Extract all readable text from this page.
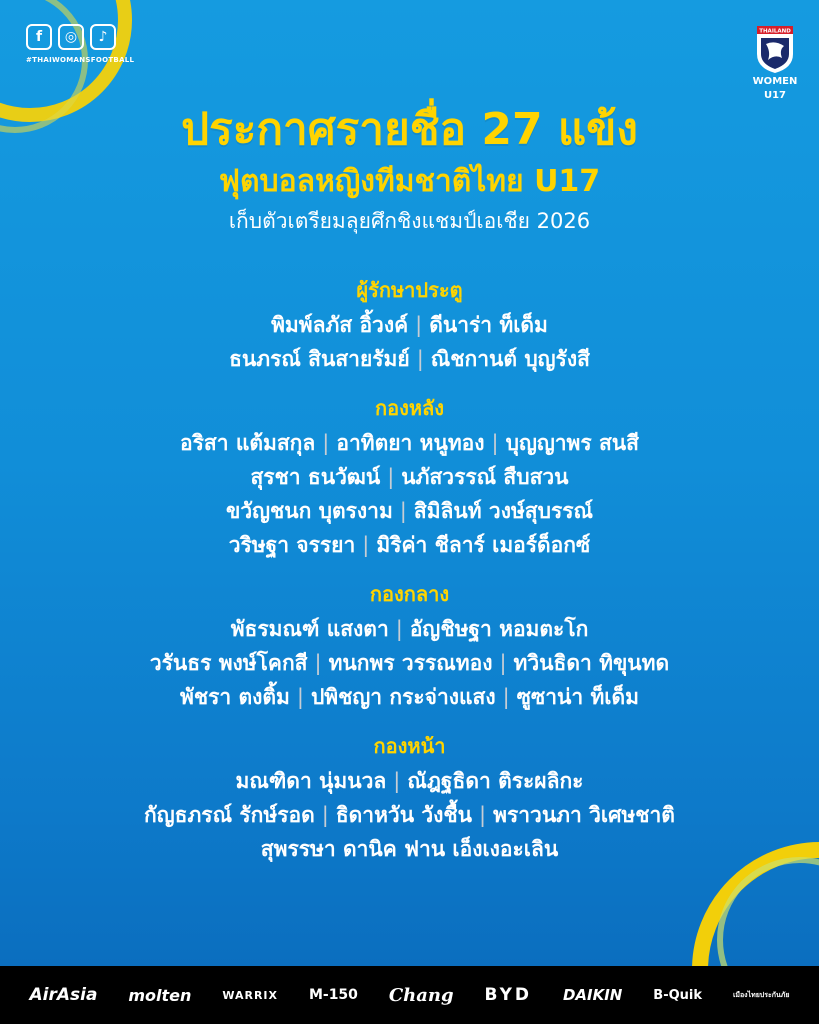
f	◎	♪
#THAIWOMANSFOOTBALL
THAILAND
WOMEN
U17
ประกาศรายชื่อ 27 แข้ง
ฟุตบอลหญิงทีมชาติไทย U17
เก็บตัวเตรียมลุยศึกชิงแชมป์เอเชีย 2026
ผู้รักษาประตู
พิมพ์ลภัส อิ้วงค์ | ดีนาร่า ท็เด็ม
ธนภรณ์ สินสายรัมย์ | ณิชกานต์ บุญรังสี
กองหลัง
อริสา แต้มสกุล | อาทิตยา หนูทอง | บุญญาพร สนสี
สุรชา ธนวัฒน์ | นภัสวรรณ์ สืบสวน
ขวัญชนก บุตรงาม | สิมิลินท์ วงษ์สุบรรณ์
วริษฐา จรรยา | มิริค่า ชีลาร์ เมอร์ด็อกซ์
กองกลาง
พัธรมณฑ์ แสงตา | อัญชิษฐา หอมตะโก
วรันธร พงษ์โคกสี | ทนกพร วรรณทอง | ทวินธิดา ทิขุนทด
พัชรา ตงติ้ม | ปพิชญา กระจ่างแสง | ซูซาน่า ท็เด็ม
กองหน้า
มณฑิดา นุ่มนวล | ณัฎฐธิดา ติระผลิกะ
กัญธภรณ์ รักษ์รอด | ธิดาหวัน วังชื้น | พราวนภา วิเศษชาติ
สุพรรษา ดานิค ฟาน เอ็งเงอะเลิน
AirAsia molten	WARRIX M-150 Chang BYD DAIKIN B-Quik	เมืองไทยประกันภัย
